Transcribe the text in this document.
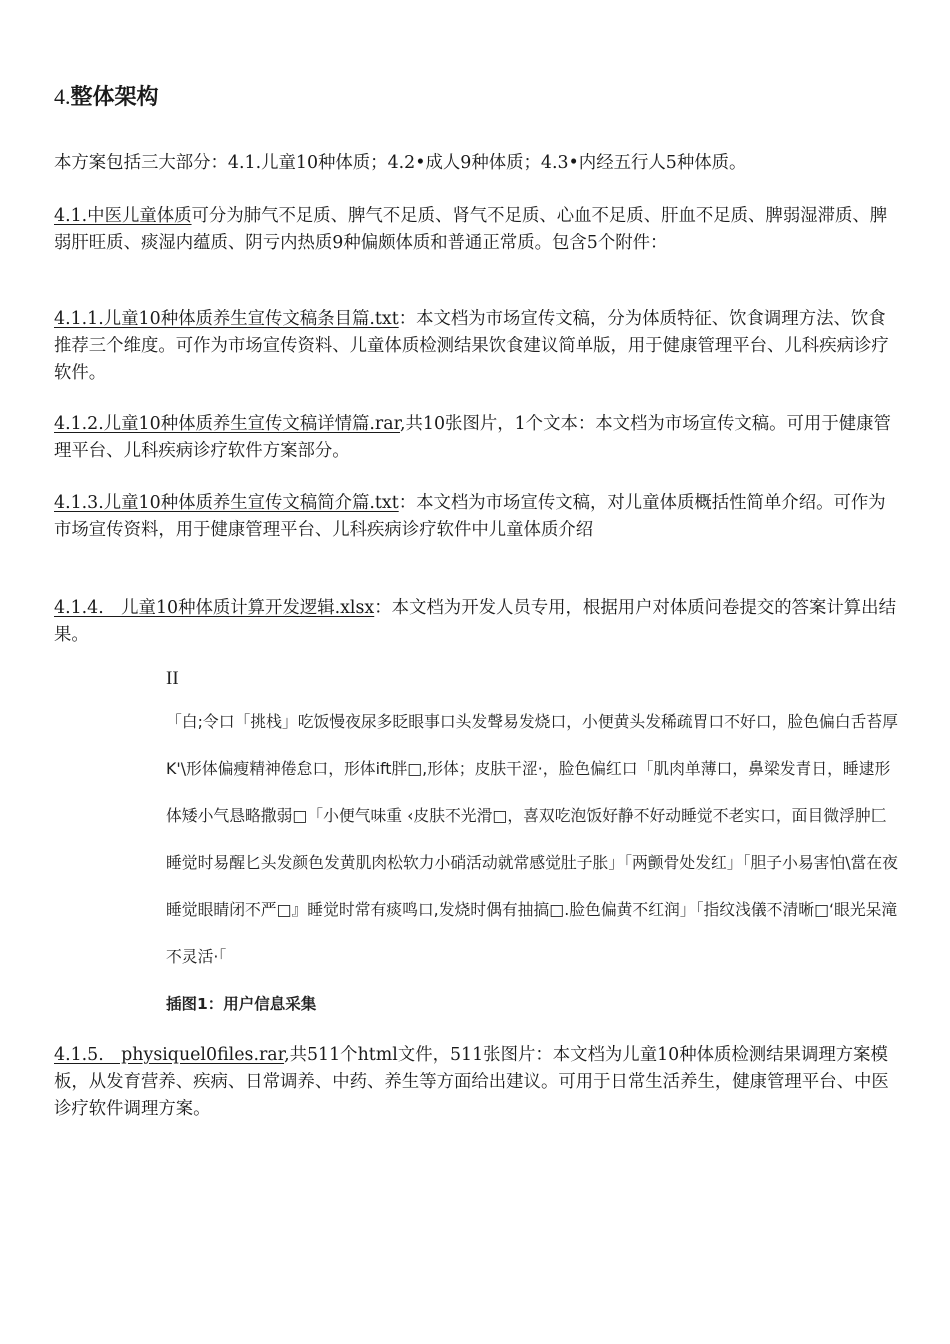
4.整体架构
本方案包括三大部分：4.1.儿童10种体质；4.2•成人9种体质；4.3•内经五行人5种体质。
4.1.中医儿童体质可分为肺气不足质、脾气不足质、肾气不足质、心血不足质、肝血不足质、脾弱湿滞质、脾弱肝旺质、痰湿内蕴质、阴亏内热质9种偏颇体质和普通正常质。包含5个附件：
4.1.1.儿童10种体质养生宣传文稿条目篇.txt：本文档为市场宣传文稿，分为体质特征、饮食调理方法、饮食推荐三个维度。可作为市场宣传资料、儿童体质检测结果饮食建议简单版，用于健康管理平台、儿科疾病诊疗软件。
4.1.2.儿童10种体质养生宣传文稿详情篇.rar,共10张图片，1个文本：本文档为市场宣传文稿。可用于健康管理平台、儿科疾病诊疗软件方案部分。
4.1.3.儿童10种体质养生宣传文稿简介篇.txt：本文档为市场宣传文稿，对儿童体质概括性简单介绍。可作为市场宣传资料，用于健康管理平台、儿科疾病诊疗软件中儿童体质介绍
4.1.4.　儿童10种体质计算开发逻辑.xlsx：本文档为开发人员专用，根据用户对体质问卷提交的答案计算出结果。
II
「白;令口「挑栈」吃饭慢夜尿多眨眼事口头发聲易发烧口，小便黄头发稀疏胃口不好口，脸色偏白舌苔厚K'\形体偏瘦精神倦怠口，形体ift胖□,形体；皮肤干涩·，脸色偏红口「肌肉单薄口，鼻梁发青日，睡逮形体矮小气恳略撒弱□「小便气味重 ‹皮肤不光滑□，喜双吃泡饭好静不好动睡觉不老实口，面目微浮肿匚睡觉时易醒匕头发颜色发黄肌肉松软力小硝活动就常感觉肚子胀」「两颤骨处发红」「胆子小易害怕\當在夜睡觉眼睛闭不严□』睡觉时常有痰鸣口,发烧时偶有抽搞□.脸色偏黄不红润」「指纹浅儀不清晰□‘眼光呆滝不灵活·「
插图1：用户信息采集
4.1.5.　physiquel0files.rar,共511个html文件，511张图片：本文档为儿童10种体质检测结果调理方案模板，从发育营养、疾病、日常调养、中药、养生等方面给出建议。可用于日常生活养生，健康管理平台、中医诊疗软件调理方案。
